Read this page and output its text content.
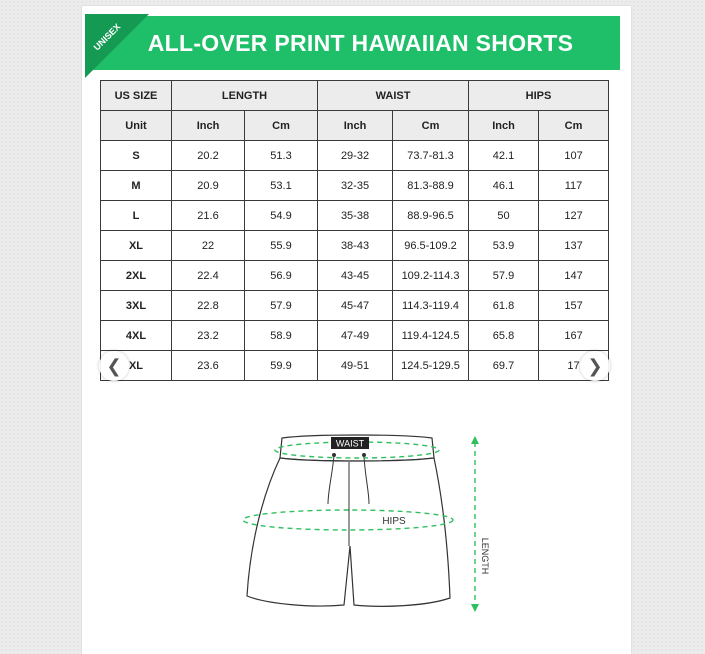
UNISEX	ALL-OVER PRINT HAWAIIAN SHORTS
US SIZE	LENGTH		WAIST		HIPS	
Unit	Inch	Cm	Inch	Cm	Inch	Cm
S	20.2	51.3	29-32	73.7-81.3	42.1	107
M	20.9	53.1	32-35	81.3-88.9	46.1	117
L	21.6	54.9	35-38	88.9-96.5	50	127
XL	22	55.9	38-43	96.5-109.2	53.9	137
2XL	22.4	56.9	43-45	109.2-114.3	57.9	147
3XL	22.8	57.9	45-47	114.3-119.4	61.8	157
4XL	23.2	58.9	47-49	119.4-124.5	65.8	167
XL	23.6	59.9	49-51	124.5-129.5	69.7	17
WAIST
HIPS
LENGTH
❮	❯
